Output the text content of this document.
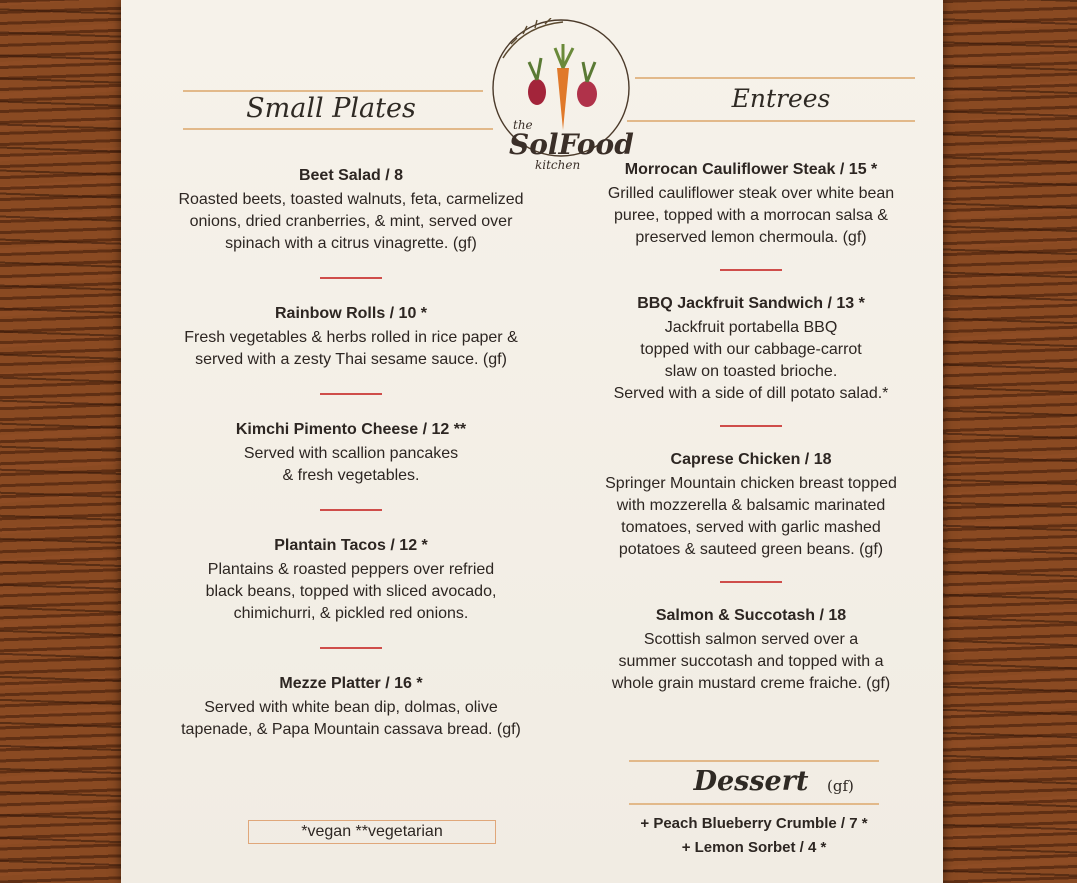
Small Plates	Entrees
the
SolFood
kitchen

Beet Salad / 8

Roasted beets, toasted walnuts, feta, carmelized
onions, dried cranberries, & mint, served over
spinach with a citrus vinagrette. (gf)

Rainbow Rolls / 10 *

Fresh vegetables & herbs rolled in rice paper &
served with a zesty Thai sesame sauce. (gf)

Kimchi Pimento Cheese / 12 **

Served with scallion pancakes
& fresh vegetables.

Plantain Tacos / 12 *

Plantains & roasted peppers over refried
black beans, topped with sliced avocado,
chimichurri, & pickled red onions.

Mezze Platter / 16 *

Served with white bean dip, dolmas, olive
tapenade, & Papa Mountain cassava bread. (gf)

Morrocan Cauliflower Steak / 15 *

Grilled cauliflower steak over white bean
puree, topped with a morrocan salsa &
preserved lemon chermoula. (gf)

BBQ Jackfruit Sandwich / 13 *

Jackfruit portabella BBQ
topped with our cabbage-carrot
slaw on toasted brioche.
Served with a side of dill potato salad.*

Caprese Chicken / 18

Springer Mountain chicken breast topped
with mozzerella & balsamic marinated
tomatoes, served with garlic mashed
potatoes & sauteed green beans. (gf)

Salmon & Succotash / 18

Scottish salmon served over a
summer succotash and topped with a
whole grain mustard creme fraiche. (gf)

Dessert (gf)
+ Peach Blueberry Crumble / 7 *
+ Lemon Sorbet / 4 *
*vegan **vegetarian
